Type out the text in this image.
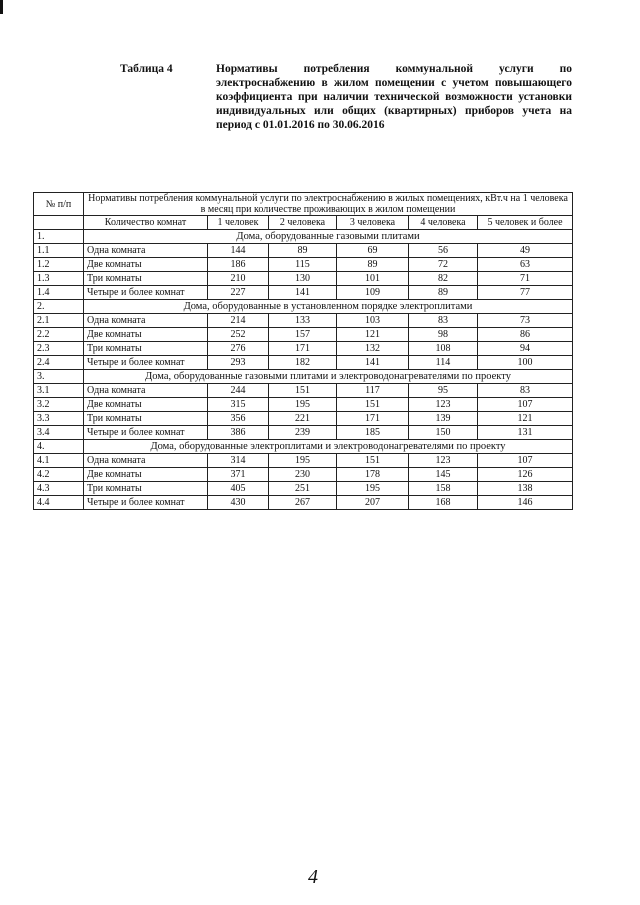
Таблица 4	Нормативы потребления коммунальной услуги по электроснабжению в жилом помещении с учетом повышающего коэффициента при наличии технической возможности установки индивидуальных или общих (квартирных) приборов учета на период с 01.01.2016 по 30.06.2016
№ п/п	Нормативы потребления коммунальной услуги по электроснабжению в жилых помещениях, кВт.ч на 1 человека в месяц при количестве проживающих в жилом помещении					
	Количество комнат	1 человек	2 человека	3 человека	4 человека	5 человек и более
1.	Дома, оборудованные газовыми плитами					
1.1	Одна комната	144	89	69	56	49
1.2	Две комнаты	186	115	89	72	63
1.3	Три комнаты	210	130	101	82	71
1.4	Четыре и более комнат	227	141	109	89	77
2.	Дома, оборудованные в установленном порядке электроплитами					
2.1	Одна комната	214	133	103	83	73
2.2	Две комнаты	252	157	121	98	86
2.3	Три комнаты	276	171	132	108	94
2.4	Четыре и более комнат	293	182	141	114	100
3.	Дома, оборудованные газовыми плитами и электроводонагревателями по проекту					
3.1	Одна комната	244	151	117	95	83
3.2	Две комнаты	315	195	151	123	107
3.3	Три комнаты	356	221	171	139	121
3.4	Четыре и более комнат	386	239	185	150	131
4.	Дома, оборудованные электроплитами и электроводонагревателями по проекту					
4.1	Одна комната	314	195	151	123	107
4.2	Две комнаты	371	230	178	145	126
4.3	Три комнаты	405	251	195	158	138
4.4	Четыре и более комнат	430	267	207	168	146
4
